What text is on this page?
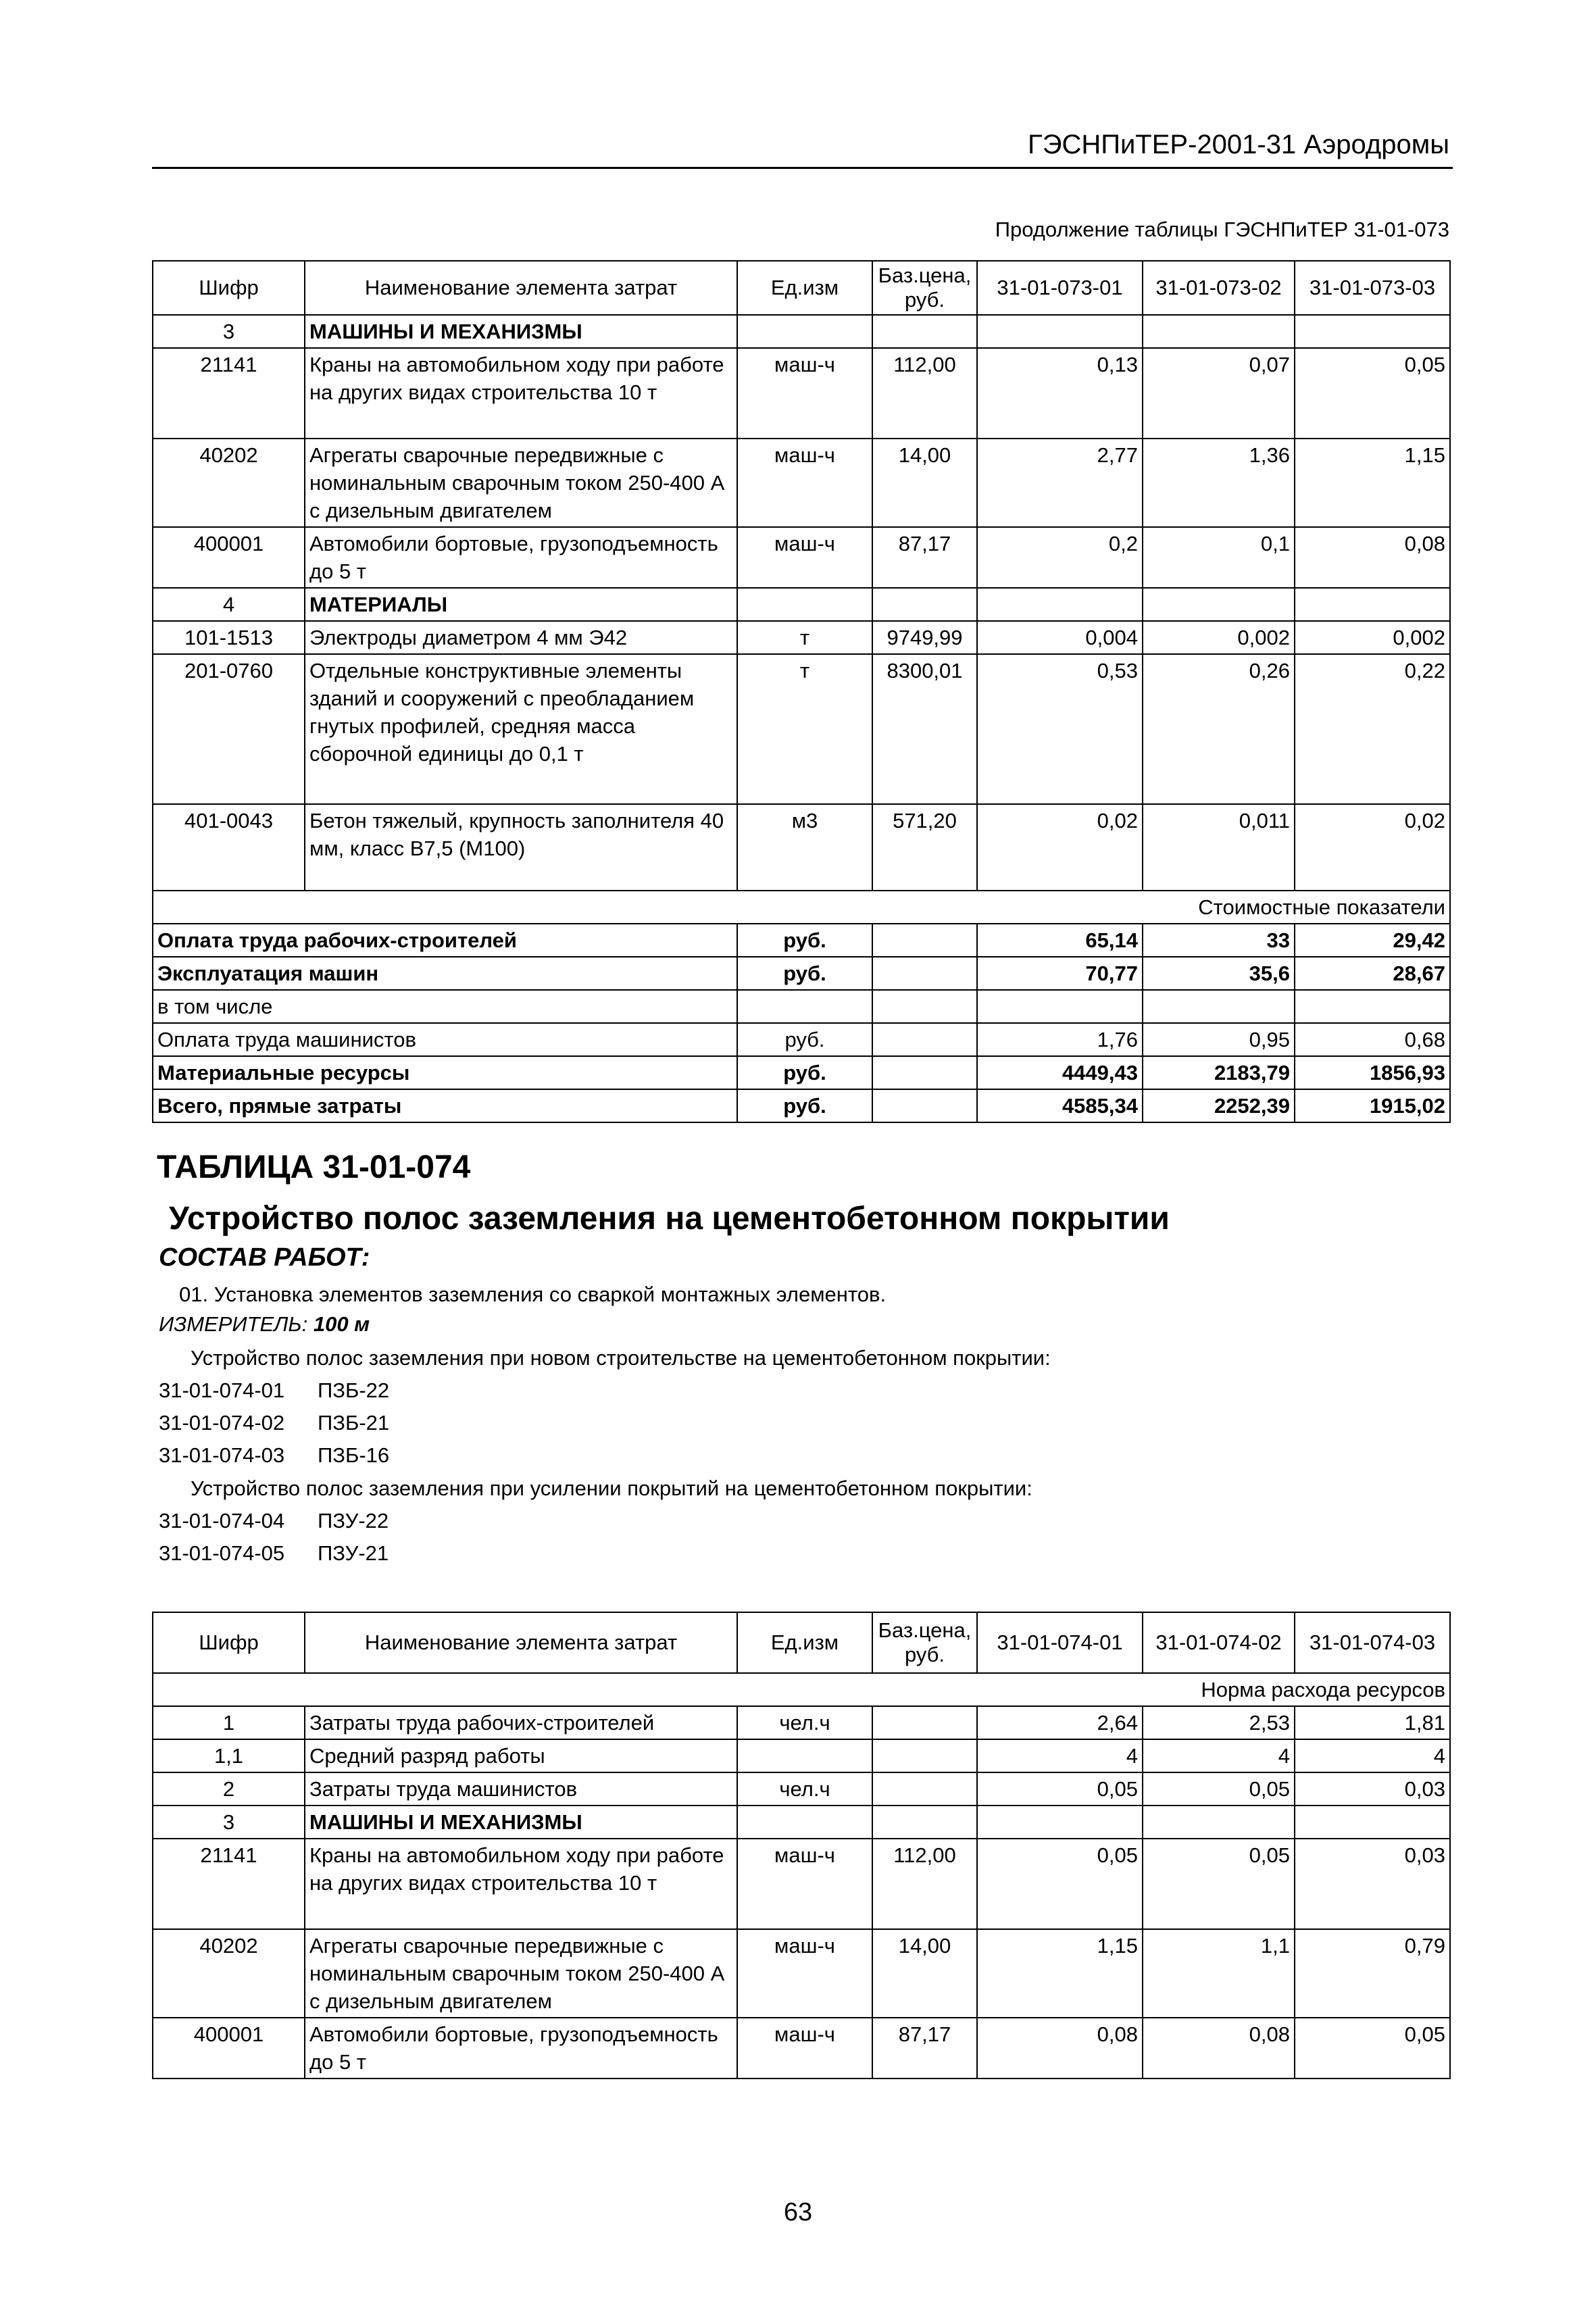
ГЭСНПиТЕР-2001-31 Аэродромы
Продолжение таблицы ГЭСНПиТЕР 31-01-073
Шифр	Наименование элемента затрат	Ед.изм	Баз.цена, руб.	31-01-073-01	31-01-073-02	31-01-073-03
3	МАШИНЫ И МЕХАНИЗМЫ					
21141	Краны на автомобильном ходу при работе на других видах строительства 10 т	маш-ч	112,00	0,13	0,07	0,05
40202	Агрегаты сварочные передвижные с номинальным сварочным током 250-400 А с дизельным двигателем	маш-ч	14,00	2,77	1,36	1,15
400001	Автомобили бортовые, грузоподъемность до 5 т	маш-ч	87,17	0,2	0,1	0,08
4	МАТЕРИАЛЫ					
101-1513	Электроды диаметром 4 мм Э42	т	9749,99	0,004	0,002	0,002
201-0760	Отдельные конструктивные элементы зданий и сооружений с преобладанием гнутых профилей, средняя масса сборочной единицы до 0,1 т	т	8300,01	0,53	0,26	0,22
401-0043	Бетон тяжелый, крупность заполнителя 40 мм, класс В7,5 (М100)	м3	571,20	0,02	0,011	0,02
Стоимостные показатели						
Оплата труда рабочих-строителей		руб.		65,14	33	29,42
Эксплуатация машин		руб.		70,77	35,6	28,67
в том числе						
Оплата труда машинистов		руб.		1,76	0,95	0,68
Материальные ресурсы		руб.		4449,43	2183,79	1856,93
Всего, прямые затраты		руб.		4585,34	2252,39	1915,02
ТАБЛИЦА 31-01-074
Устройство полос заземления на цементобетонном покрытии
СОСТАВ РАБОТ:
01. Установка элементов заземления со сваркой монтажных элементов.
ИЗМЕРИТЕЛЬ: 100 м
Устройство полос заземления при новом строительстве на цементобетонном покрытии:
31-01-074-01 ПЗБ-22
31-01-074-02 ПЗБ-21
31-01-074-03 ПЗБ-16
Устройство полос заземления при усилении покрытий на цементобетонном покрытии:
31-01-074-04 ПЗУ-22
31-01-074-05 ПЗУ-21
Шифр	Наименование элемента затрат	Ед.изм	Баз.цена, руб.	31-01-074-01	31-01-074-02	31-01-074-03
Норма расхода ресурсов						
1	Затраты труда рабочих-строителей	чел.ч		2,64	2,53	1,81
1,1	Средний разряд работы			4	4	4
2	Затраты труда машинистов	чел.ч		0,05	0,05	0,03
3	МАШИНЫ И МЕХАНИЗМЫ					
21141	Краны на автомобильном ходу при работе на других видах строительства 10 т	маш-ч	112,00	0,05	0,05	0,03
40202	Агрегаты сварочные передвижные с номинальным сварочным током 250-400 А с дизельным двигателем	маш-ч	14,00	1,15	1,1	0,79
400001	Автомобили бортовые, грузоподъемность до 5 т	маш-ч	87,17	0,08	0,08	0,05
63
